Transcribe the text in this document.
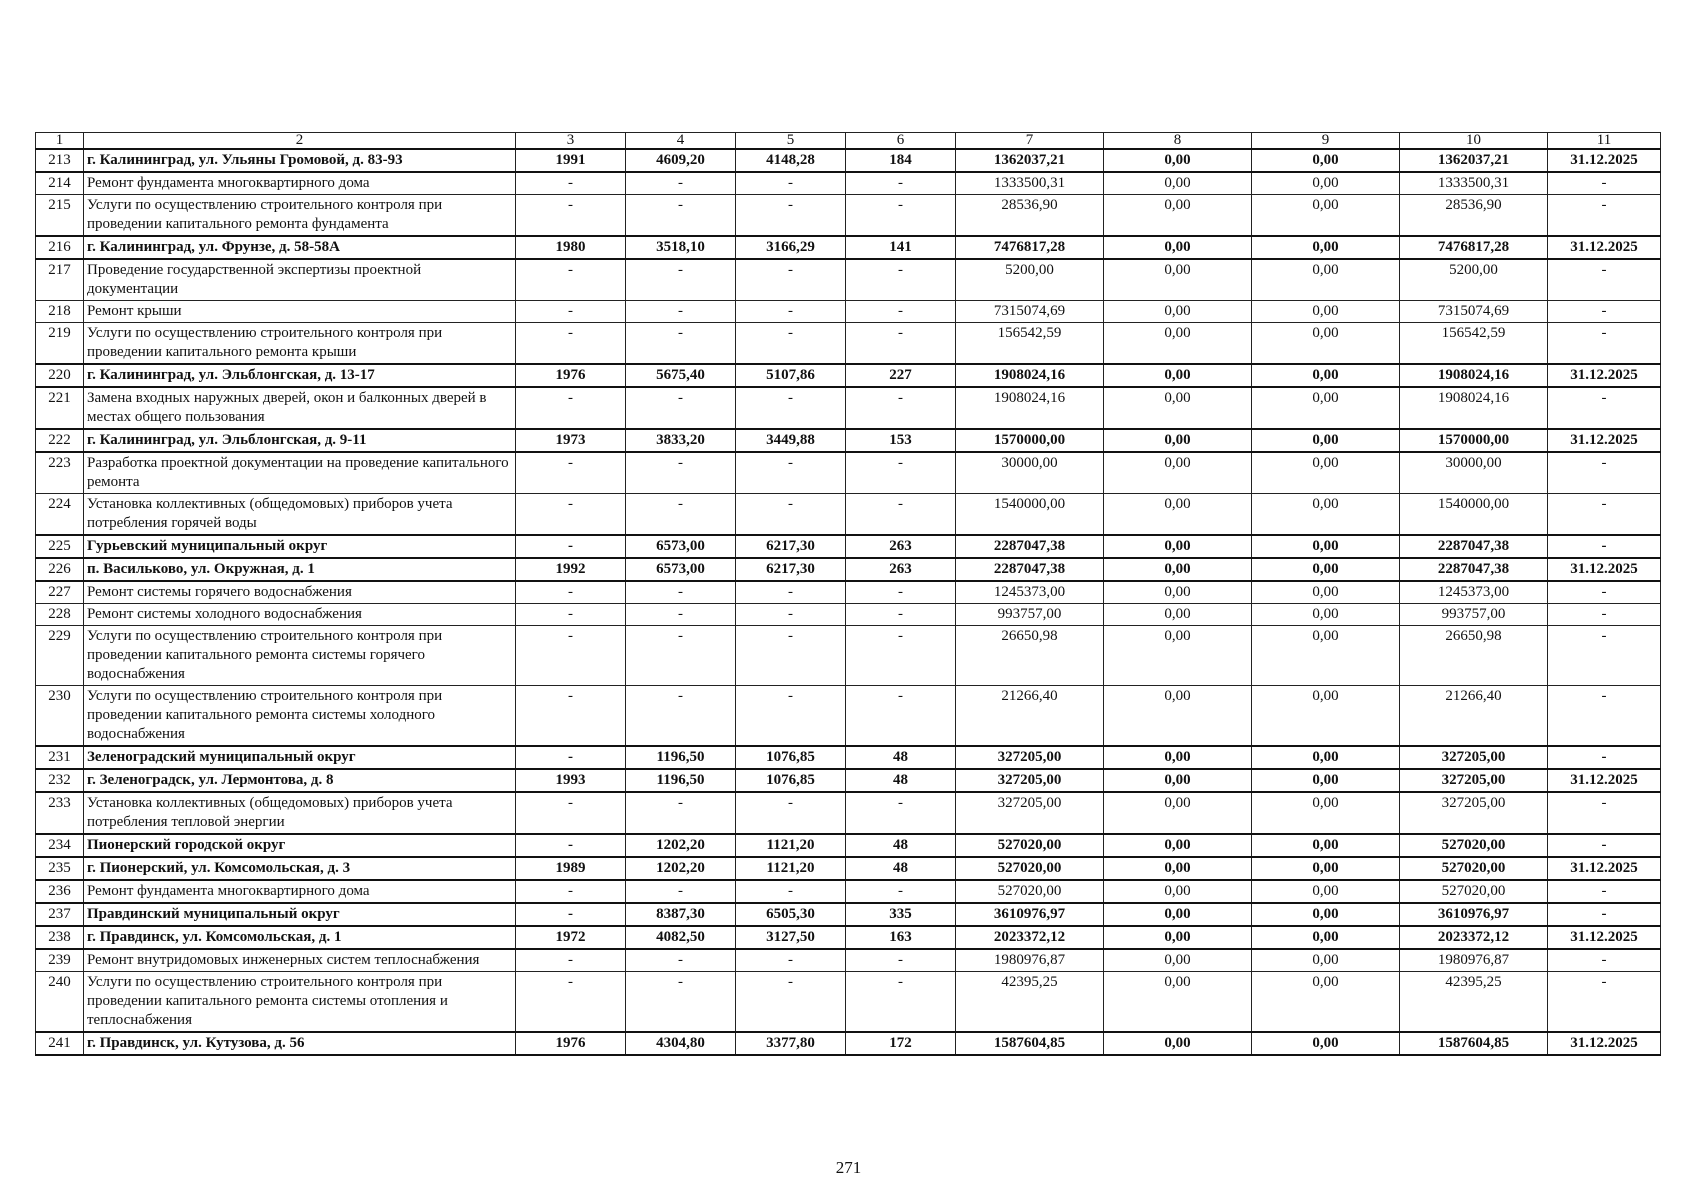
1	2	3	4	5	6	7	8	9	10	11
213	г. Калининград, ул. Ульяны Громовой, д. 83-93	1991	4609,20	4148,28	184	1362037,21	0,00	0,00	1362037,21	31.12.2025
214	Ремонт фундамента многоквартирного дома	-	-	-	-	1333500,31	0,00	0,00	1333500,31	-
215	Услуги по осуществлению строительного контроля при проведении капитального ремонта фундамента	-	-	-	-	28536,90	0,00	0,00	28536,90	-
216	г. Калининград, ул. Фрунзе, д. 58-58А	1980	3518,10	3166,29	141	7476817,28	0,00	0,00	7476817,28	31.12.2025
217	Проведение государственной экспертизы проектной документации	-	-	-	-	5200,00	0,00	0,00	5200,00	-
218	Ремонт крыши	-	-	-	-	7315074,69	0,00	0,00	7315074,69	-
219	Услуги по осуществлению строительного контроля при проведении капитального ремонта крыши	-	-	-	-	156542,59	0,00	0,00	156542,59	-
220	г. Калининград, ул. Эльблонгская, д. 13-17	1976	5675,40	5107,86	227	1908024,16	0,00	0,00	1908024,16	31.12.2025
221	Замена входных наружных дверей, окон и балконных дверей в местах общего пользования	-	-	-	-	1908024,16	0,00	0,00	1908024,16	-
222	г. Калининград, ул. Эльблонгская, д. 9-11	1973	3833,20	3449,88	153	1570000,00	0,00	0,00	1570000,00	31.12.2025
223	Разработка проектной документации на проведение капитального ремонта	-	-	-	-	30000,00	0,00	0,00	30000,00	-
224	Установка коллективных (общедомовых) приборов учета потребления горячей воды	-	-	-	-	1540000,00	0,00	0,00	1540000,00	-
225	Гурьевский муниципальный округ	-	6573,00	6217,30	263	2287047,38	0,00	0,00	2287047,38	-
226	п. Васильково, ул. Окружная, д. 1	1992	6573,00	6217,30	263	2287047,38	0,00	0,00	2287047,38	31.12.2025
227	Ремонт системы горячего водоснабжения	-	-	-	-	1245373,00	0,00	0,00	1245373,00	-
228	Ремонт системы холодного водоснабжения	-	-	-	-	993757,00	0,00	0,00	993757,00	-
229	Услуги по осуществлению строительного контроля при проведении капитального ремонта системы горячего водоснабжения	-	-	-	-	26650,98	0,00	0,00	26650,98	-
230	Услуги по осуществлению строительного контроля при проведении капитального ремонта системы холодного водоснабжения	-	-	-	-	21266,40	0,00	0,00	21266,40	-
231	Зеленоградский муниципальный округ	-	1196,50	1076,85	48	327205,00	0,00	0,00	327205,00	-
232	г. Зеленоградск, ул. Лермонтова, д. 8	1993	1196,50	1076,85	48	327205,00	0,00	0,00	327205,00	31.12.2025
233	Установка коллективных (общедомовых) приборов учета потребления тепловой энергии	-	-	-	-	327205,00	0,00	0,00	327205,00	-
234	Пионерский городской округ	-	1202,20	1121,20	48	527020,00	0,00	0,00	527020,00	-
235	г. Пионерский, ул. Комсомольская, д. 3	1989	1202,20	1121,20	48	527020,00	0,00	0,00	527020,00	31.12.2025
236	Ремонт фундамента многоквартирного дома	-	-	-	-	527020,00	0,00	0,00	527020,00	-
237	Правдинский муниципальный округ	-	8387,30	6505,30	335	3610976,97	0,00	0,00	3610976,97	-
238	г. Правдинск, ул. Комсомольская, д. 1	1972	4082,50	3127,50	163	2023372,12	0,00	0,00	2023372,12	31.12.2025
239	Ремонт внутридомовых инженерных систем теплоснабжения	-	-	-	-	1980976,87	0,00	0,00	1980976,87	-
240	Услуги по осуществлению строительного контроля при проведении капитального ремонта системы отопления и теплоснабжения	-	-	-	-	42395,25	0,00	0,00	42395,25	-
241	г. Правдинск, ул. Кутузова, д. 56	1976	4304,80	3377,80	172	1587604,85	0,00	0,00	1587604,85	31.12.2025
271
